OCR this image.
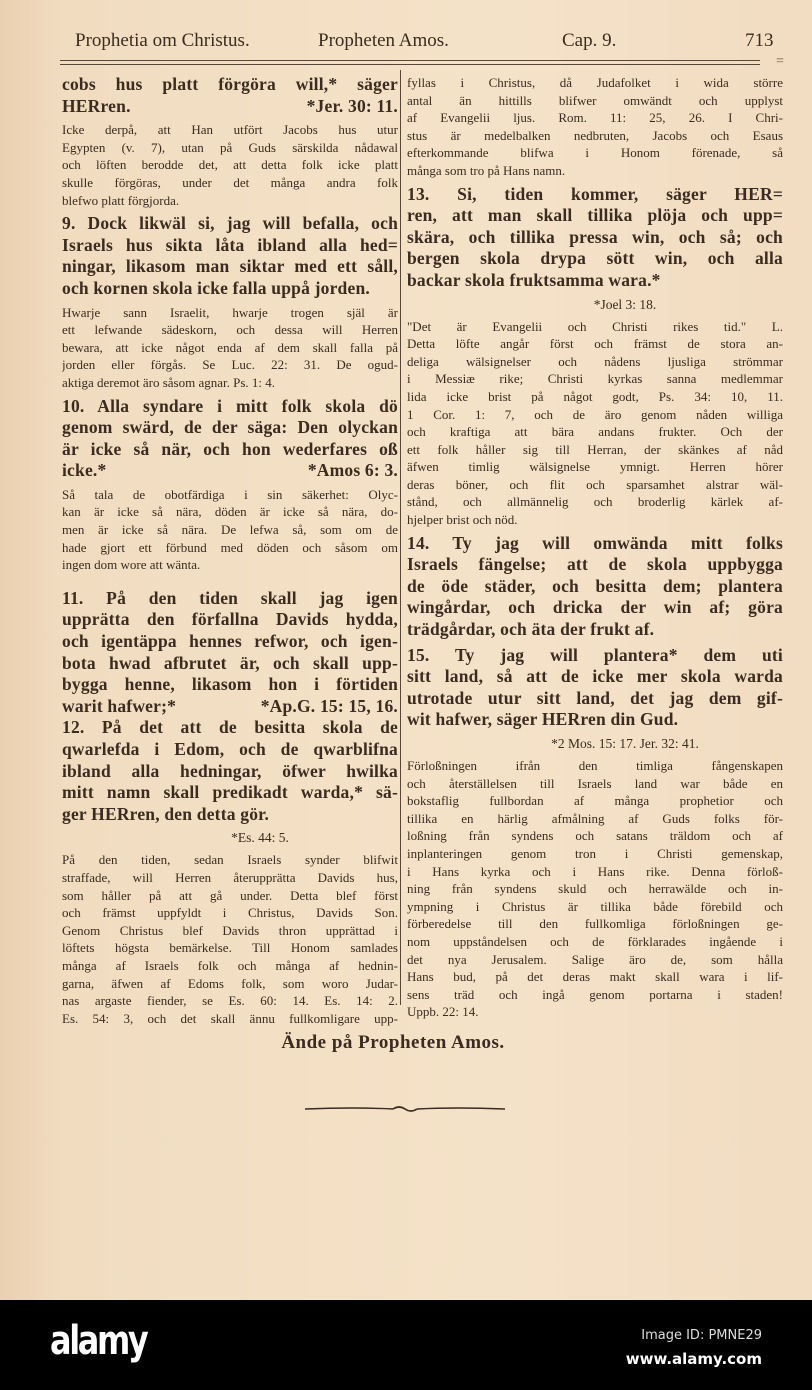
Prophetia om Christus.	Propheten Amos.	Cap. 9.	713
=
cobs hus platt förgöra will,* säger
HERren.	*Jer. 30: 11.
Icke derpå, att Han utfört Jacobs hus utur
Egypten (v. 7), utan på Guds särskilda nådawal
och löften berodde det, att detta folk icke platt
skulle förgöras, under det många andra folk
blefwo platt förgjorda.
9. Dock likwäl si, jag will befalla, och
Israels hus sikta låta ibland alla hed=
ningar, likasom man siktar med ett såll,
och kornen skola icke falla uppå jorden.
Hwarje sann Israelit, hwarje trogen själ är
ett lefwande sädeskorn, och dessa will Herren
bewara, att icke något enda af dem skall falla på
jorden eller förgås. Se Luc. 22: 31. De ogud-
aktiga deremot äro såsom agnar. Ps. 1: 4.
10. Alla syndare i mitt folk skola dö
genom swärd, de der säga: Den olyckan
är icke så när, och hon wederfares oß
icke.*	*Amos 6: 3.
Så tala de obotfärdiga i sin säkerhet: Olyc-
kan är icke så nära, döden är icke så nära, do-
men är icke så nära. De lefwa så, som om de
hade gjort ett förbund med döden och såsom om
ingen dom wore att wänta.
11. På den tiden skall jag igen
upprätta den förfallna Davids hydda,
och igentäppa hennes refwor, och igen-
bota hwad afbrutet är, och skall upp-
bygga henne, likasom hon i förtiden
warit hafwer;*	*Ap.G. 15: 15, 16.
12. På det att de besitta skola de
qwarlefda i Edom, och de qwarblifna
ibland alla hedningar, öfwer hwilka
mitt namn skall predikadt warda,* sä-
ger HERren, den detta gör.
*Es. 44: 5.
På den tiden, sedan Israels synder blifwit
straffade, will Herren återupprätta Davids hus,
som håller på att gå under. Detta blef först
och främst uppfyldt i Christus, Davids Son.
Genom Christus blef Davids thron upprättad i
löftets högsta bemärkelse. Till Honom samlades
många af Israels folk och många af hednin-
garna, äfwen af Edoms folk, som woro Judar-
nas argaste fiender, se Es. 60: 14. Es. 14: 2.
Es. 54: 3, och det skall ännu fullkomligare upp-
fyllas i Christus, då Judafolket i wida större
antal än hittills blifwer omwändt och upplyst
af Evangelii ljus. Rom. 11: 25, 26. I Chri-
stus är medelbalken nedbruten, Jacobs och Esaus
efterkommande blifwa i Honom förenade, så
många som tro på Hans namn.
13. Si, tiden kommer, säger HER=
ren, att man skall tillika plöja och upp=
skära, och tillika pressa win, och så; och
bergen skola drypa sött win, och alla
backar skola fruktsamma wara.*
*Joel 3: 18.
"Det är Evangelii och Christi rikes tid." L.
Detta löfte angår först och främst de stora an-
deliga wälsignelser och nådens ljusliga strömmar
i Messiæ rike; Christi kyrkas sanna medlemmar
lida icke brist på något godt, Ps. 34: 10, 11.
1 Cor. 1: 7, och de äro genom nåden williga
och kraftiga att bära andans frukter. Och der
ett folk håller sig till Herran, der skänkes af nåd
äfwen timlig wälsignelse ymnigt. Herren hörer
deras böner, och flit och sparsamhet alstrar wäl-
stånd, och allmännelig och broderlig kärlek af-
hjelper brist och nöd.
14. Ty jag will omwända mitt folks
Israels fängelse; att de skola uppbygga
de öde städer, och besitta dem; plantera
wingårdar, och dricka der win af; göra
trädgårdar, och äta der frukt af.
15. Ty jag will plantera* dem uti
sitt land, så att de icke mer skola warda
utrotade utur sitt land, det jag dem gif-
wit hafwer, säger HERren din Gud.
*2 Mos. 15: 17. Jer. 32: 41.
Förloßningen ifrån den timliga fångenskapen
och återställelsen till Israels land war både en
bokstaflig fullbordan af många prophetior och
tillika en härlig afmålning af Guds folks för-
loßning från syndens och satans träldom och af
inplanteringen genom tron i Christi gemenskap,
i Hans kyrka och i Hans rike. Denna förloß-
ning från syndens skuld och herrawälde och in-
ympning i Christus är tillika både förebild och
förberedelse till den fullkomliga förloßningen ge-
nom uppståndelsen och de förklarades ingående i
det nya Jerusalem. Salige äro de, som hålla
Hans bud, på det deras makt skall wara i lif-
sens träd och ingå genom portarna i staden!
Uppb. 22: 14.
Ände på Propheten Amos.
alamy	Image ID: PMNE29
www.alamy.com
